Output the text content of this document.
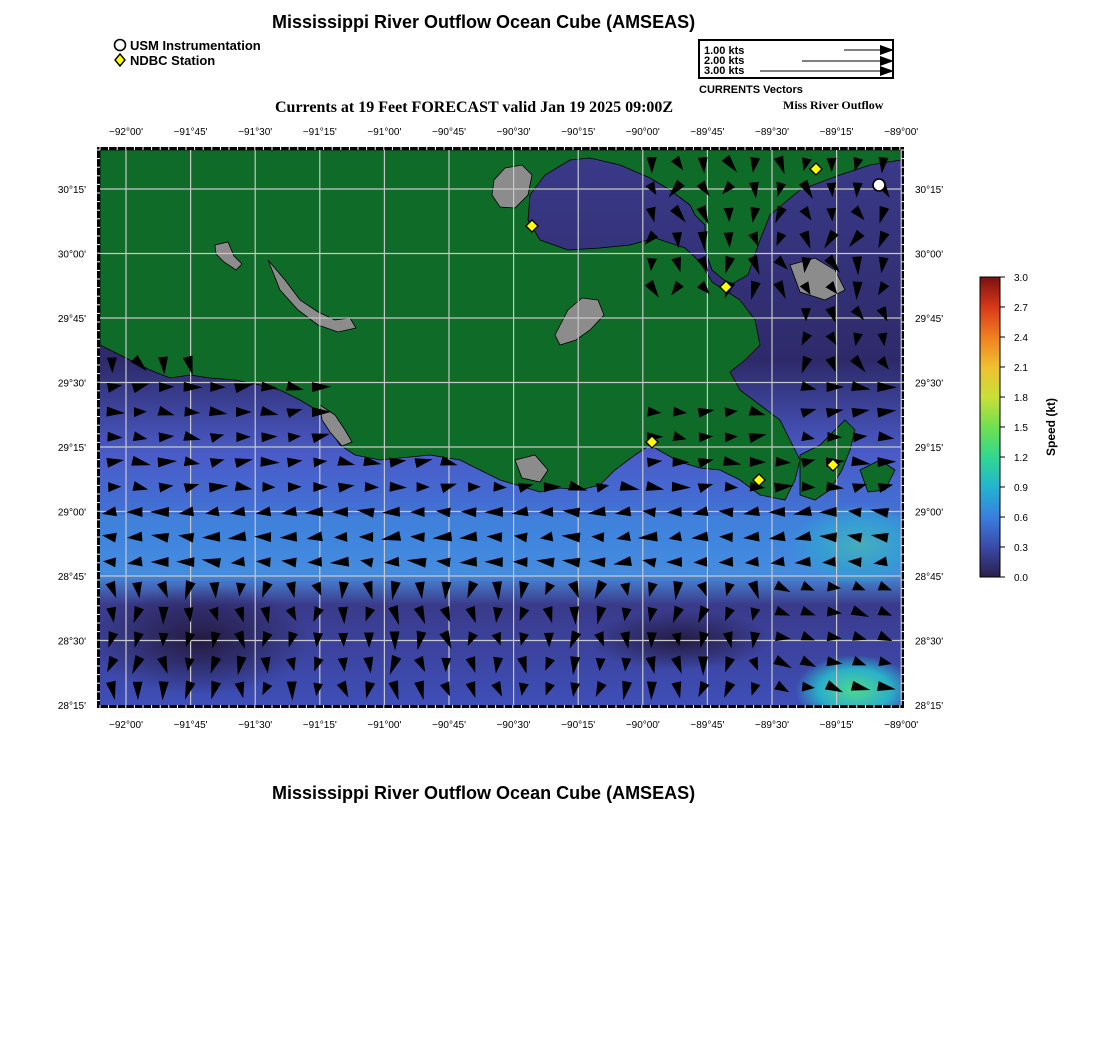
Mississippi River Outflow Ocean Cube (AMSEAS)
USM Instrumentation
NDBC Station
1.00 kts
2.00 kts
3.00 kts
CURRENTS Vectors
Currents at 19 Feet FORECAST valid Jan 19 2025 09:00Z	Miss River Outflow
−92°00'	−91°45'	−91°30'	−91°15'	−91°00'	−90°45'	−90°30'	−90°15'	−90°00'	−89°45'	−89°30'	−89°15'	−89°00'
−92°00'	−91°45'	−91°30'	−91°15'	−91°00'	−90°45'	−90°30'	−90°15'	−90°00'	−89°45'	−89°30'	−89°15'	−89°00'
30°15'
30°00'
29°45'
29°30'
29°15'
29°00'
28°45'
28°30'
28°15'
30°15'
30°00'
29°45'
29°30'
29°15'
29°00'
28°45'
28°30'
28°15'
3.0
2.7
2.4
2.1
1.8
1.5
1.2
0.9
0.6
0.3
0.0
Speed (kt)
Mississippi River Outflow Ocean Cube (AMSEAS)
